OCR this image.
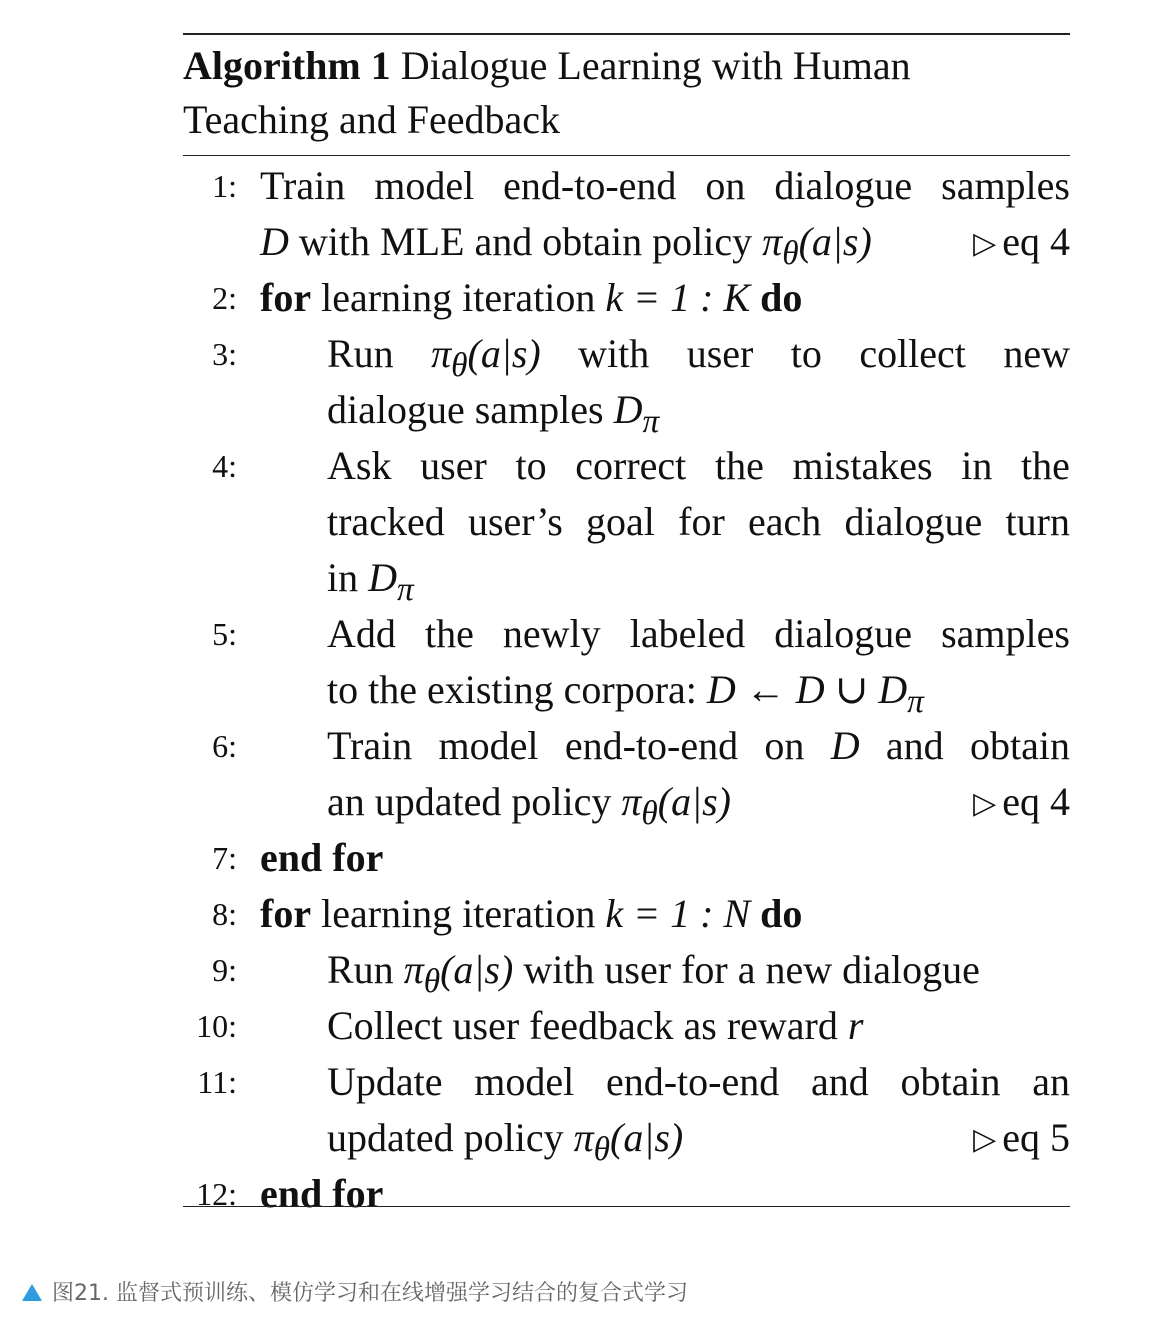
Algorithm 1 Dialogue Learning with Human
Teaching and Feedback
1: Train model end-to-end on dialogue samples
D with MLE and obtain policy $\pi_\theta(a|s)$	▷ eq 4
2: for learning iteration k = 1 : K do
3: Run $\pi_\theta(a|s)$ with user to collect new
dialogue samples $D_\pi$
4: Ask user to correct the mistakes in the
tracked user’s goal for each dialogue turn
in $D_\pi$
5: Add the newly labeled dialogue samples
to the existing corpora: D ← D ∪ $D_\pi$
6: Train model end-to-end on D and obtain
an updated policy $\pi_\theta(a|s)$	▷ eq 4
7: end for
8: for learning iteration k = 1 : N do
9: Run $\pi_\theta(a|s)$ with user for a new dialogue
10: Collect user feedback as reward r
11: Update model end-to-end and obtain an
updated policy $\pi_\theta(a|s)$	▷ eq 5
12: end for
图21. 监督式预训练、模仿学习和在线增强学习结合的复合式学习
